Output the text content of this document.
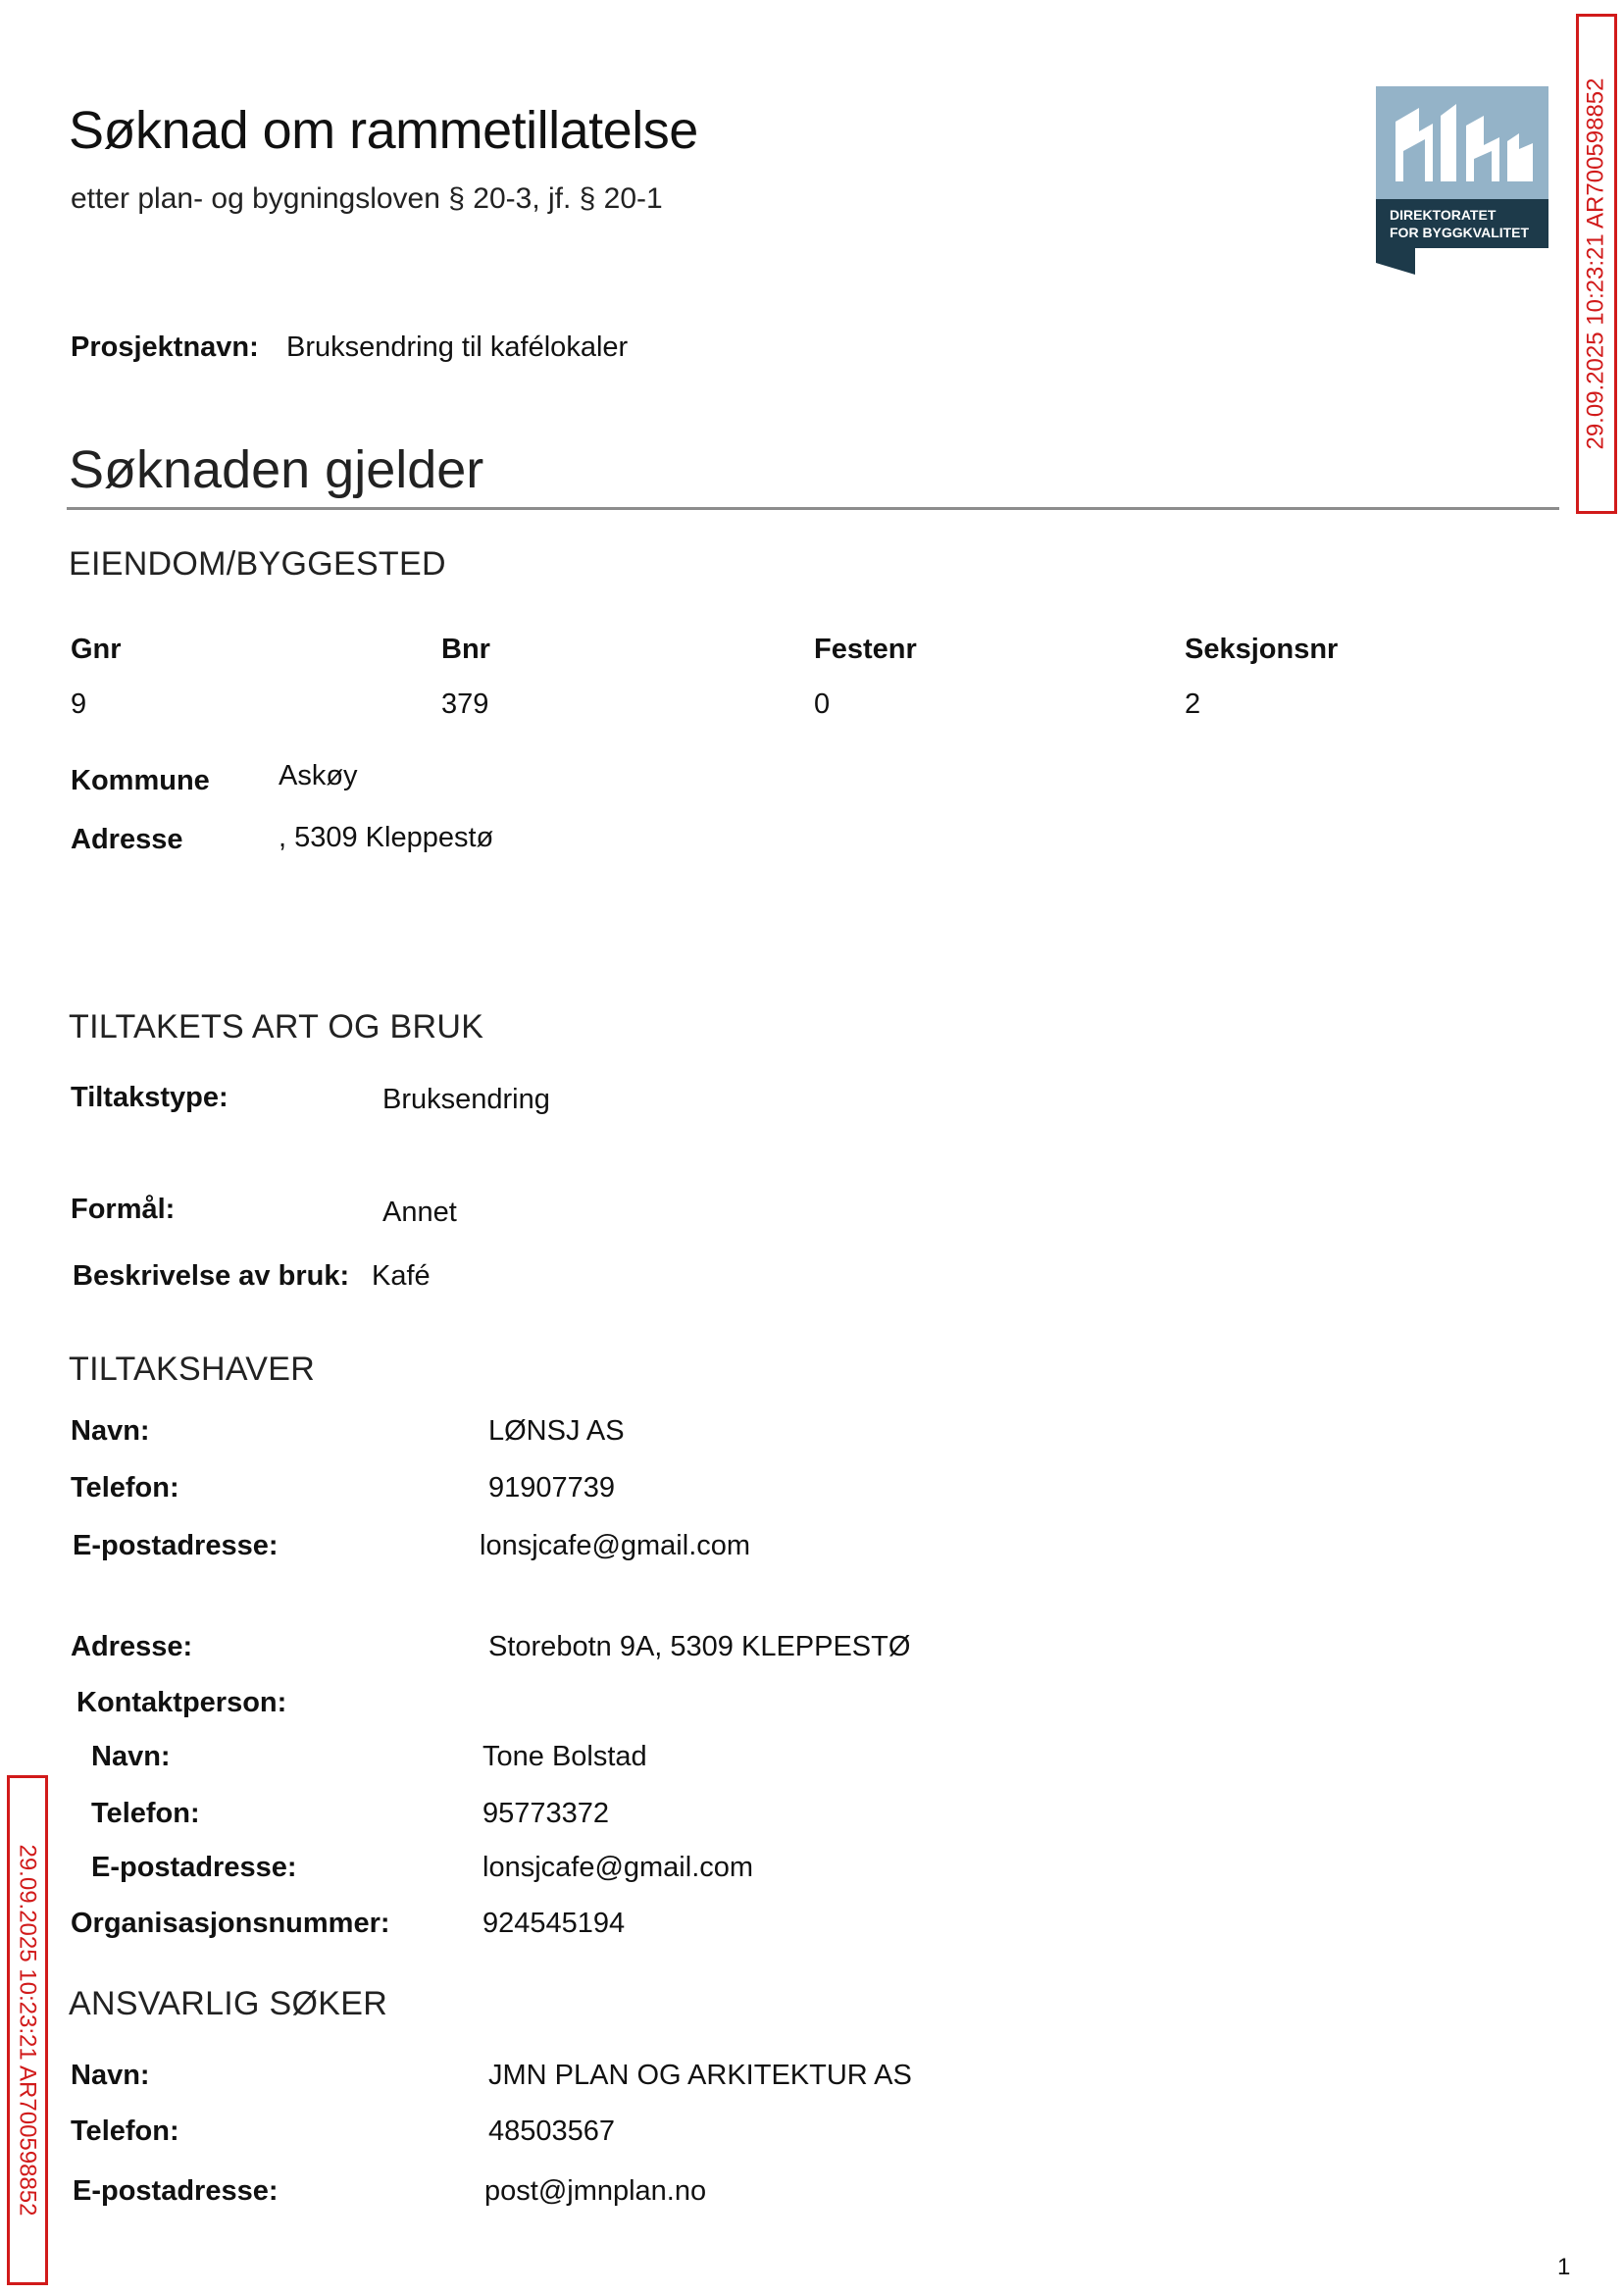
Søknad om rammetillatelse
etter plan- og bygningsloven § 20-3, jf. § 20-1	DIREKTORATET
FOR BYGGKVALITET
Prosjektnavn: Bruksendring til kafélokaler
Søknaden gjelder
EIENDOM/BYGGESTED
Gnr	Bnr	Festenr	Seksjonsnr
9	379	0	2
Kommune Askøy
Adresse	, 5309 Kleppestø
TILTAKETS ART OG BRUK
Tiltakstype:	Bruksendring
Formål:	Annet
Beskrivelse av bruk: Kafé
TILTAKSHAVER
Navn:	LØNSJ AS
Telefon:	91907739
E-postadresse:	lonsjcafe@gmail.com
Adresse:	Storebotn 9A, 5309 KLEPPESTØ
Kontaktperson:
Navn:	Tone Bolstad
Telefon:	95773372
E-postadresse:	lonsjcafe@gmail.com
Organisasjonsnummer:	924545194
ANSVARLIG SØKER
Navn:	JMN PLAN OG ARKITEKTUR AS
Telefon:	48503567
E-postadresse:	post@jmnplan.no
29.09.2025 10:23:21 AR700598852
29.09.2025 10:23:21 AR700598852
1
